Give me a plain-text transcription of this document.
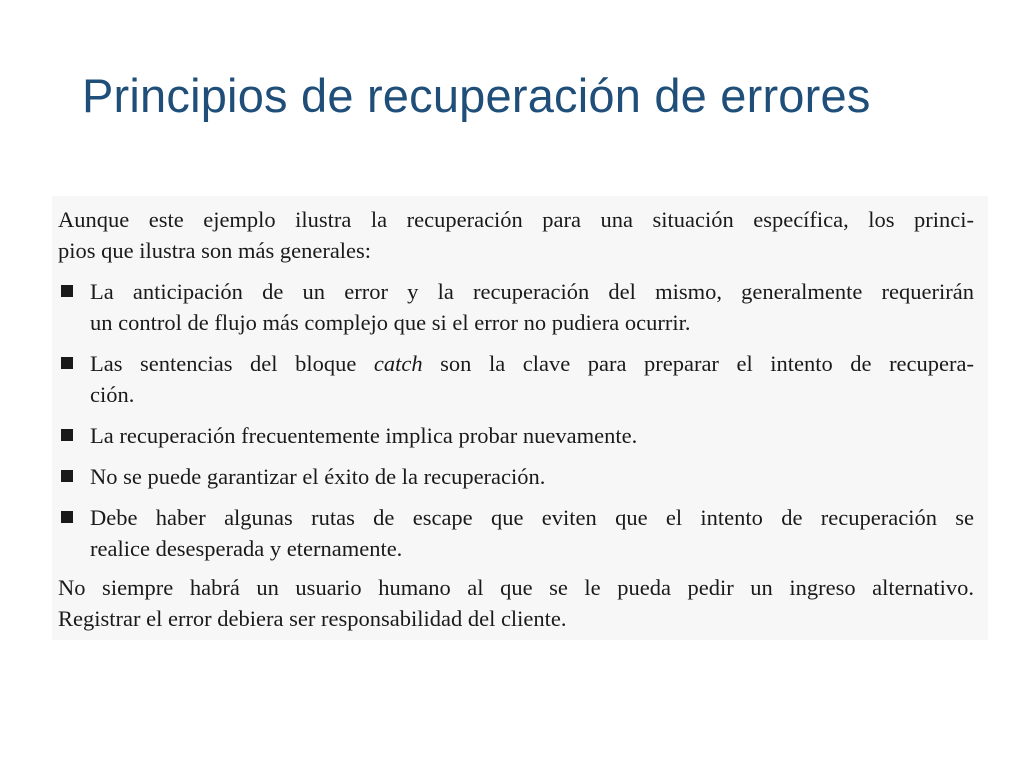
Principios de recuperación de errores
Aunque este ejemplo ilustra la recuperación para una situación específica, los princi-
pios que ilustra son más generales:
La anticipación de un error y la recuperación del mismo, generalmente requerirán
un control de flujo más complejo que si el error no pudiera ocurrir.
Las sentencias del bloque catch son la clave para preparar el intento de recupera-
ción.
La recuperación frecuentemente implica probar nuevamente.
No se puede garantizar el éxito de la recuperación.
Debe haber algunas rutas de escape que eviten que el intento de recuperación se
realice desesperada y eternamente.
No siempre habrá un usuario humano al que se le pueda pedir un ingreso alternativo.
Registrar el error debiera ser responsabilidad del cliente.
